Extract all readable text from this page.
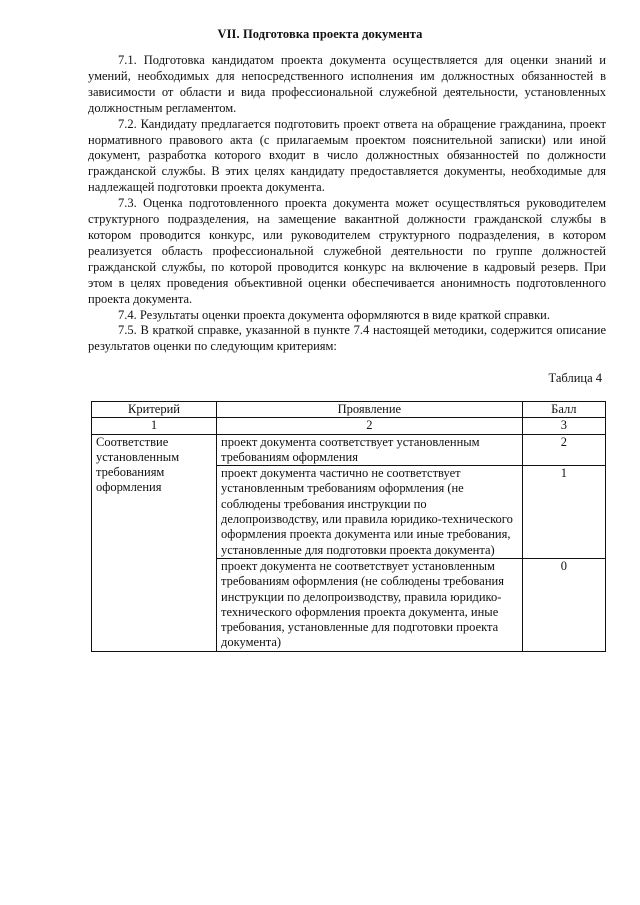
VII. Подготовка проекта документа

7.1. Подготовка кандидатом проекта документа осуществляется для оценки знаний и умений, необходимых для непосредственного исполнения им должностных обязанностей в зависимости от области и вида профессиональной служебной деятельности, установленных должностным регламентом.

7.2. Кандидату предлагается подготовить проект ответа на обращение гражданина, проект нормативного правового акта (с прилагаемым проектом пояснительной записки) или иной документ, разработка которого входит в число должностных обязанностей по должности гражданской службы. В этих целях кандидату предоставляется документы, необходимые для надлежащей подготовки проекта документа.

7.3. Оценка подготовленного проекта документа может осуществляться руководителем структурного подразделения, на замещение вакантной должности гражданской службы в котором проводится конкурс, или руководителем структурного подразделения, в котором реализуется область профессиональной служебной деятельности по группе должностей гражданской службы, по которой проводится конкурс на включение в кадровый резерв. При этом в целях проведения объективной оценки обеспечивается анонимность подготовленного проекта документа.

7.4. Результаты оценки проекта документа оформляются в виде краткой справки.

7.5. В краткой справке, указанной в пункте 7.4 настоящей методики, содержится описание результатов оценки по следующим критериям:

Таблица 4
Критерий	Проявление	Балл
1	2	3
Соответствие установленным требованиям оформления	проект документа соответствует установленным требованиям оформления	2
	проект документа частично не соответствует установленным требованиям оформления (не соблюдены требования инструкции по делопроизводству, или правила юридико-технического оформления проекта документа или иные требования, установленные для подготовки проекта документа)	1
	проект документа не соответствует установленным требованиям оформления (не соблюдены требования инструкции по делопроизводству, правила юридико-технического оформления проекта документа, иные требования, установленные для подготовки проекта документа)	0
